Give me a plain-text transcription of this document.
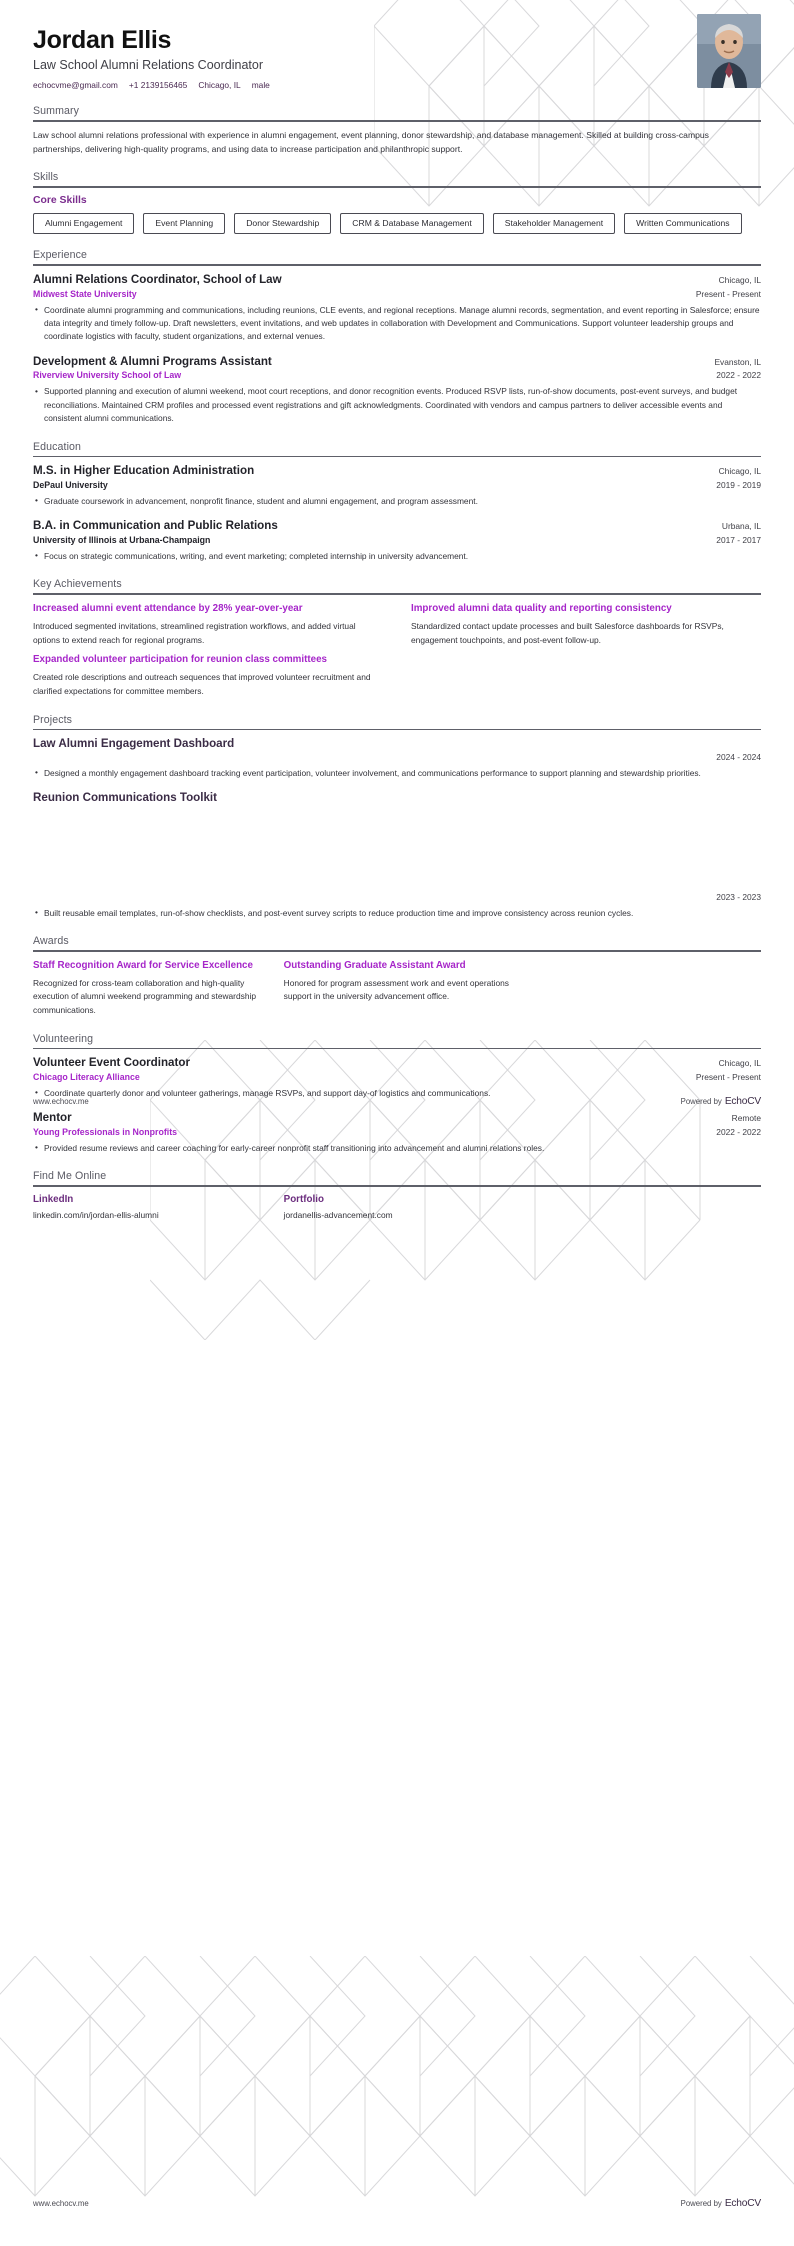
Jordan Ellis
Law School Alumni Relations Coordinator
echocvme@gmail.com +1 2139156465 Chicago, IL male
Summary
Law school alumni relations professional with experience in alumni engagement, event planning, donor stewardship, and database management. Skilled at building cross-campus partnerships, delivering high-quality programs, and using data to increase participation and philanthropic support.
Skills
Core Skills
Alumni Engagement	Event Planning	Donor Stewardship	CRM & Database Management	Stakeholder Management	Written Communications
Experience
Alumni Relations Coordinator, School of Law	Chicago, IL
Midwest State University	Present - Present
• Coordinate alumni programming and communications, including reunions, CLE events, and regional receptions. Manage alumni records, segmentation, and event reporting in Salesforce; ensure data integrity and timely follow-up. Draft newsletters, event invitations, and web updates in collaboration with Development and Communications. Support volunteer leadership groups and coordinate logistics with faculty, student organizations, and external venues.
Development & Alumni Programs Assistant	Evanston, IL
Riverview University School of Law	2022 - 2022
• Supported planning and execution of alumni weekend, moot court receptions, and donor recognition events. Produced RSVP lists, run-of-show documents, post-event surveys, and budget reconciliations. Maintained CRM profiles and processed event registrations and gift acknowledgments. Coordinated with vendors and campus partners to deliver accessible events and consistent alumni communications.
Education
M.S. in Higher Education Administration	Chicago, IL
DePaul University	2019 - 2019
• Graduate coursework in advancement, nonprofit finance, student and alumni engagement, and program assessment.
B.A. in Communication and Public Relations	Urbana, IL
University of Illinois at Urbana-Champaign	2017 - 2017
• Focus on strategic communications, writing, and event marketing; completed internship in university advancement.
Key Achievements
Increased alumni event attendance by 28% year-over-year
Introduced segmented invitations, streamlined registration workflows, and added virtual options to extend reach for regional programs.
Improved alumni data quality and reporting consistency
Standardized contact update processes and built Salesforce dashboards for RSVPs, engagement touchpoints, and post-event follow-up.
Expanded volunteer participation for reunion class committees
Created role descriptions and outreach sequences that improved volunteer recruitment and clarified expectations for committee members.
Projects
Law Alumni Engagement Dashboard
2024 - 2024
• Designed a monthly engagement dashboard tracking event participation, volunteer involvement, and communications performance to support planning and stewardship priorities.
Reunion Communications Toolkit
2023 - 2023
• Built reusable email templates, run-of-show checklists, and post-event survey scripts to reduce production time and improve consistency across reunion cycles.
Awards
Staff Recognition Award for Service Excellence
Recognized for cross-team collaboration and high-quality execution of alumni weekend programming and stewardship communications.
Outstanding Graduate Assistant Award
Honored for program assessment work and event operations support in the university advancement office.
Volunteering
Volunteer Event Coordinator	Chicago, IL
Chicago Literacy Alliance	Present - Present
• Coordinate quarterly donor and volunteer gatherings, manage RSVPs, and support day-of logistics and communications.
Mentor	Remote
Young Professionals in Nonprofits	2022 - 2022
• Provided resume reviews and career coaching for early-career nonprofit staff transitioning into advancement and alumni relations roles.
Find Me Online
LinkedIn
linkedin.com/in/jordan-ellis-alumni
Portfolio
jordanellis-advancement.com
www.echocv.me	Powered by EchoCV
www.echocv.me	Powered by EchoCV
